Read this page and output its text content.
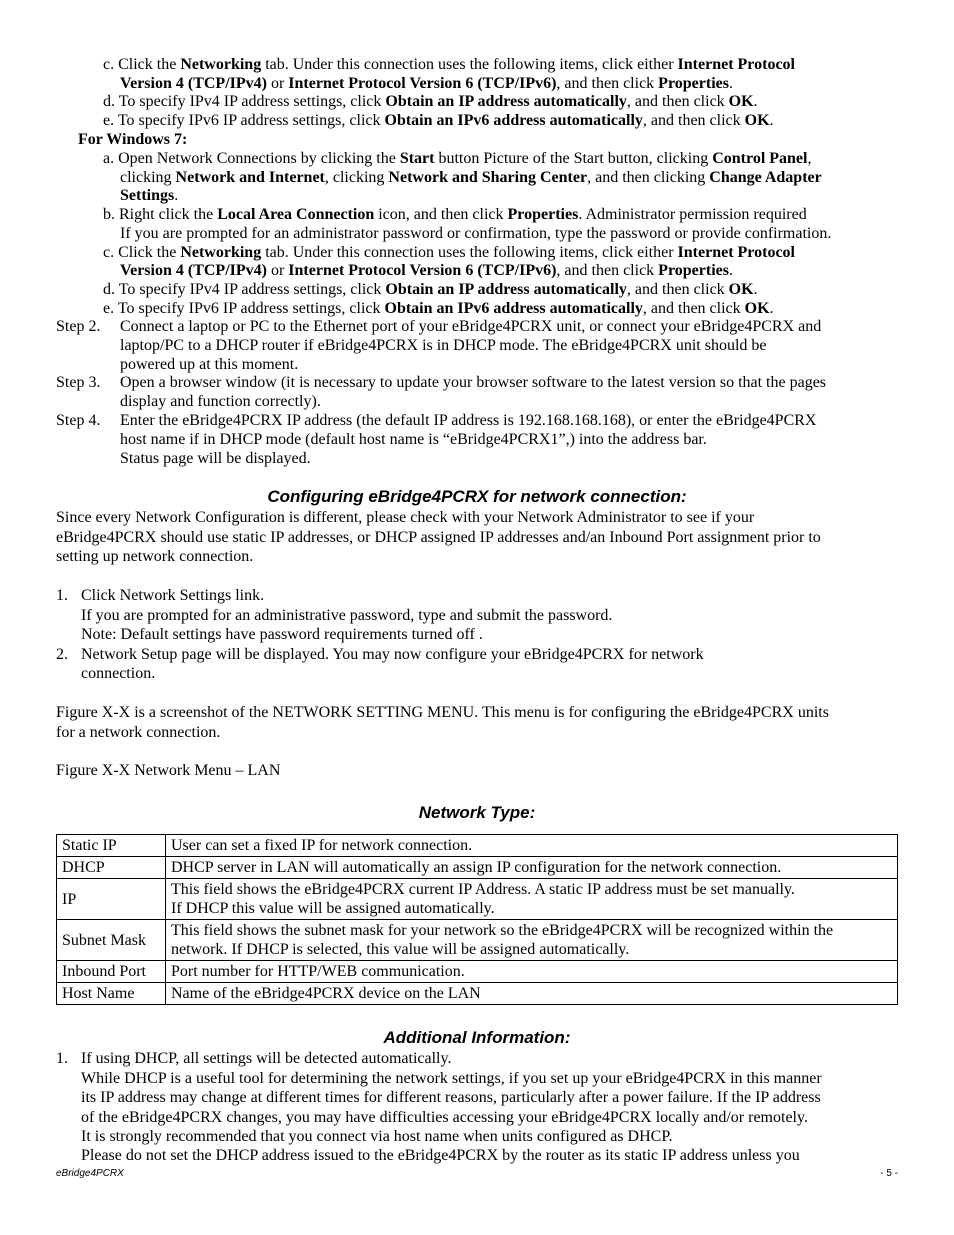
c. Click the Networking tab. Under this connection uses the following items, click either Internet Protocol
Version 4 (TCP/IPv4) or Internet Protocol Version 6 (TCP/IPv6), and then click Properties.
d. To specify IPv4 IP address settings, click Obtain an IP address automatically, and then click OK.
e. To specify IPv6 IP address settings, click Obtain an IPv6 address automatically, and then click OK.
For Windows 7:
a. Open Network Connections by clicking the Start button Picture of the Start button, clicking Control Panel,
clicking Network and Internet, clicking Network and Sharing Center, and then clicking Change Adapter
Settings.
b. Right click the Local Area Connection icon, and then click Properties. Administrator permission required
If you are prompted for an administrator password or confirmation, type the password or provide confirmation.
c. Click the Networking tab. Under this connection uses the following items, click either Internet Protocol
Version 4 (TCP/IPv4) or Internet Protocol Version 6 (TCP/IPv6), and then click Properties.
d. To specify IPv4 IP address settings, click Obtain an IP address automatically, and then click OK.
e. To specify IPv6 IP address settings, click Obtain an IPv6 address automatically, and then click OK.
Step 2. Connect a laptop or PC to the Ethernet port of your eBridge4PCRX unit, or connect your eBridge4PCRX and
laptop/PC to a DHCP router if eBridge4PCRX is in DHCP mode. The eBridge4PCRX unit should be
powered up at this moment.
Step 3. Open a browser window (it is necessary to update your browser software to the latest version so that the pages
display and function correctly).
Step 4. Enter the eBridge4PCRX IP address (the default IP address is 192.168.168.168), or enter the eBridge4PCRX
host name if in DHCP mode (default host name is “eBridge4PCRX1”,) into the address bar.
Status page will be displayed.
Configuring eBridge4PCRX for network connection:
Since every Network Configuration is different, please check with your Network Administrator to see if your
eBridge4PCRX should use static IP addresses, or DHCP assigned IP addresses and/an Inbound Port assignment prior to
setting up network connection.
1. Click Network Settings link.
If you are prompted for an administrative password, type and submit the password.
Note: Default settings have password requirements turned off .
2. Network Setup page will be displayed. You may now configure your eBridge4PCRX for network
connection.
Figure X-X is a screenshot of the NETWORK SETTING MENU. This menu is for configuring the eBridge4PCRX units
for a network connection.
Figure X-X Network Menu – LAN
Network Type:
Static IP	User can set a fixed IP for network connection.
DHCP	DHCP server in LAN will automatically an assign IP configuration for the network connection.
IP	This field shows the eBridge4PCRX current IP Address. A static IP address must be set manually.
If DHCP this value will be assigned automatically.
Subnet Mask	This field shows the subnet mask for your network so the eBridge4PCRX will be recognized within the
network. If DHCP is selected, this value will be assigned automatically.
Inbound Port	Port number for HTTP/WEB communication.
Host Name	Name of the eBridge4PCRX device on the LAN
Additional Information:
1. If using DHCP, all settings will be detected automatically.
While DHCP is a useful tool for determining the network settings, if you set up your eBridge4PCRX in this manner
its IP address may change at different times for different reasons, particularly after a power failure. If the IP address
of the eBridge4PCRX changes, you may have difficulties accessing your eBridge4PCRX locally and/or remotely.
It is strongly recommended that you connect via host name when units configured as DHCP.
Please do not set the DHCP address issued to the eBridge4PCRX by the router as its static IP address unless you
eBridge4PCRX	- 5 -
